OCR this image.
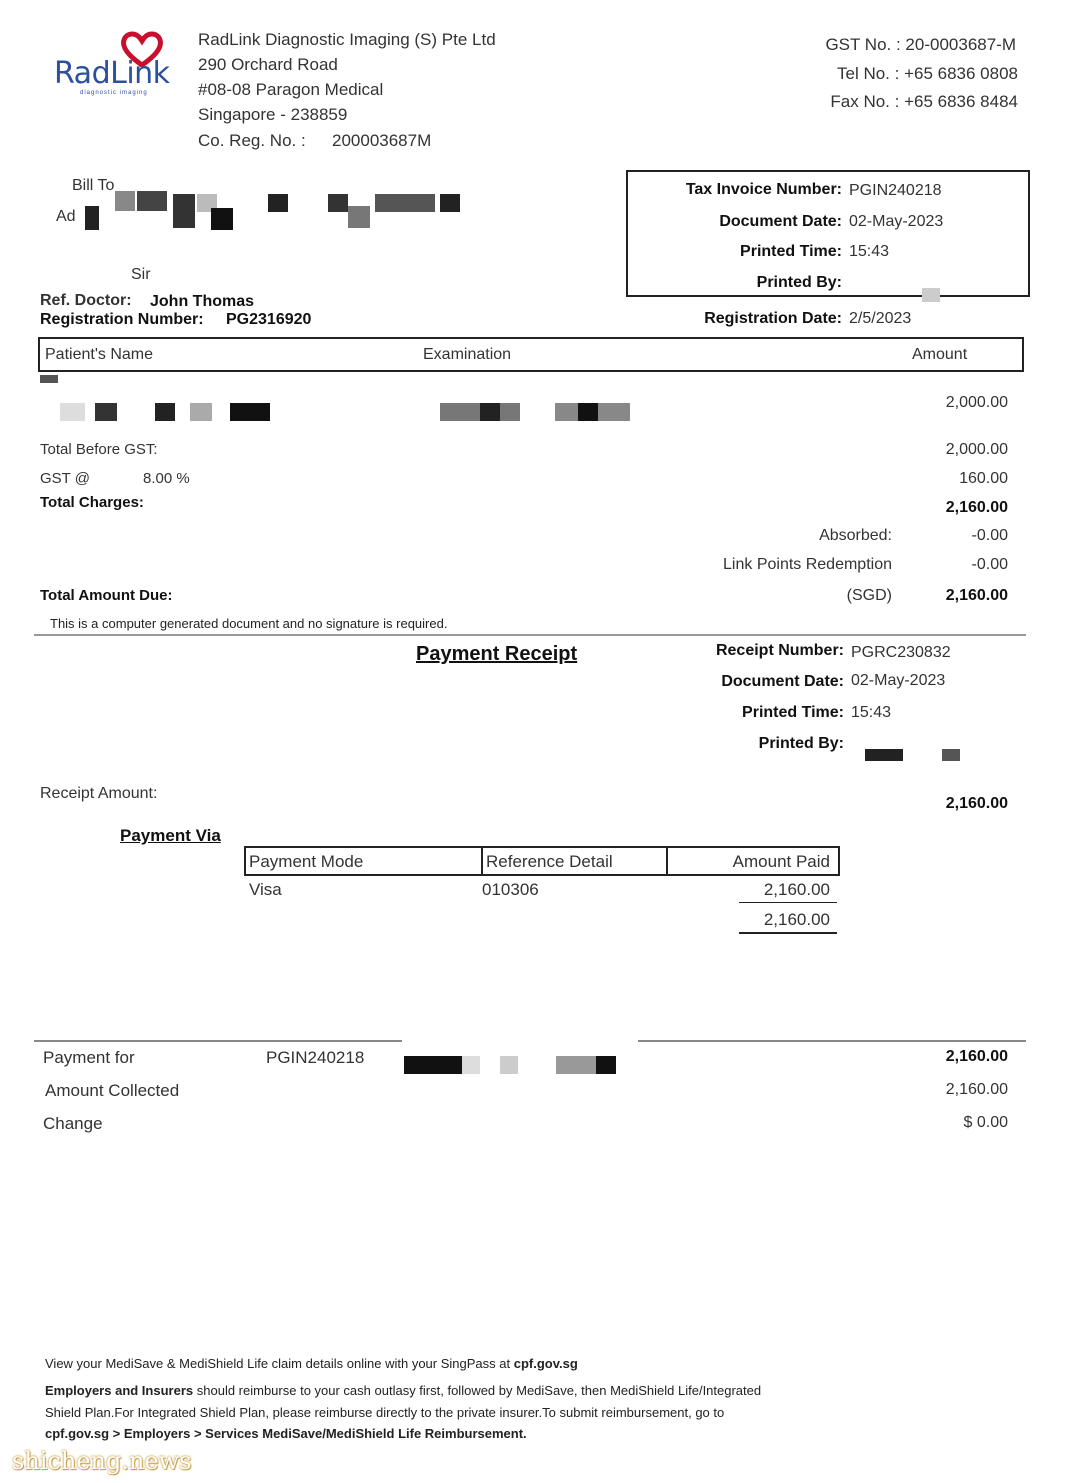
RadLink
diagnostic imaging
RadLink Diagnostic Imaging (S) Pte Ltd
290 Orchard Road
#08-08 Paragon Medical
Singapore - 238859
Co. Reg. No. : 200003687M
GST No. : 20-0003687-M
Tel No. : +65 6836 0808
Fax No. : +65 6836 8484
Bill To
Ad
Sir
Ref. Doctor: John Thomas
Registration Number: PG2316920
Tax Invoice Number: PGIN240218
Document Date: 02-May-2023
Printed Time: 15:43
Printed By:
Registration Date: 2/5/2023
Patient's Name	Examination	Amount
2,000.00
Total Before GST:	2,000.00
GST @	8.00 %	160.00
Total Charges:	2,160.00
Absorbed:	-0.00
Link Points Redemption	-0.00
Total Amount Due:	(SGD)	2,160.00
This is a computer generated document and no signature is required.
Payment Receipt	Receipt Number: PGRC230832
Document Date: 02-May-2023
Printed Time: 15:43
Printed By:
Receipt Amount:
2,160.00
Payment Via
Payment Mode	Reference Detail	Amount Paid
Visa	010306	2,160.00
2,160.00
Payment for	PGIN240218	2,160.00
Amount Collected	2,160.00
Change	$ 0.00
View your MediSave & MediShield Life claim details online with your SingPass at cpf.gov.sg
Employers and Insurers should reimburse to your cash outlasy first, followed by MediSave, then MediShield Life/Integrated
Shield Plan.For Integrated Shield Plan, please reimburse directly to the private insurer.To submit reimbursement, go to
cpf.gov.sg > Employers > Services MediSave/MediShield Life Reimbursement.
shicheng.news
